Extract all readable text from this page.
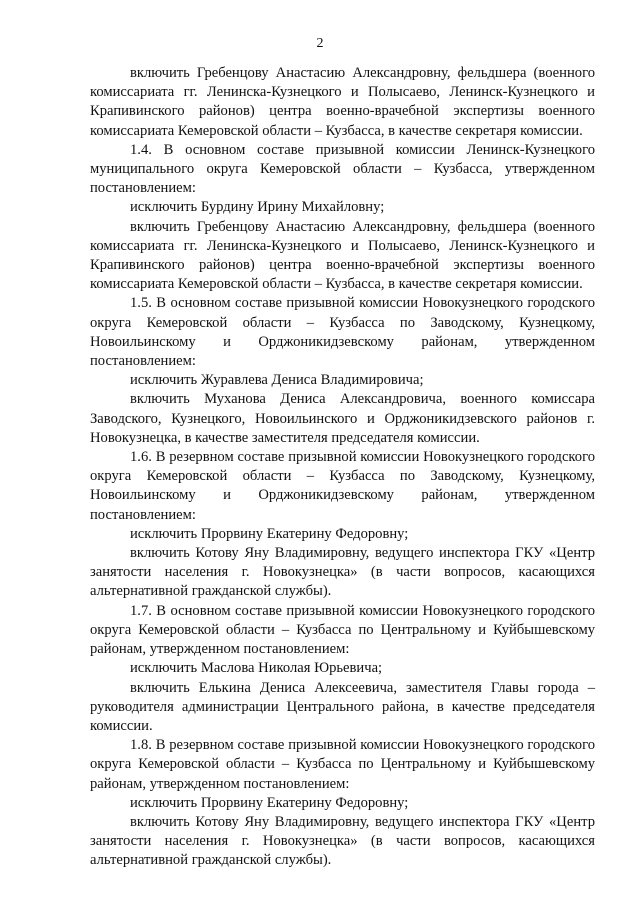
2

включить Гребенцову Анастасию Александровну, фельдшера (военного комиссариата гг. Ленинска-Кузнецкого и Полысаево, Ленинск-Кузнецкого и Крапивинского районов) центра военно-врачебной экспертизы военного комиссариата Кемеровской области – Кузбасса, в качестве секретаря комиссии.

1.4. В основном составе призывной комиссии Ленинск-Кузнецкого муниципального округа Кемеровской области – Кузбасса, утвержденном постановлением:

исключить Бурдину Ирину Михайловну;

включить Гребенцову Анастасию Александровну, фельдшера (военного комиссариата гг. Ленинска-Кузнецкого и Полысаево, Ленинск-Кузнецкого и Крапивинского районов) центра военно-врачебной экспертизы военного комиссариата Кемеровской области – Кузбасса, в качестве секретаря комиссии.

1.5. В основном составе призывной комиссии Новокузнецкого городского округа Кемеровской области – Кузбасса по Заводскому, Кузнецкому, Новоильинскому и Орджоникидзевскому районам, утвержденном постановлением:

исключить Журавлева Дениса Владимировича;

включить Муханова Дениса Александровича, военного комиссара Заводского, Кузнецкого, Новоильинского и Орджоникидзевского районов г. Новокузнецка, в качестве заместителя председателя комиссии.

1.6. В резервном составе призывной комиссии Новокузнецкого городского округа Кемеровской области – Кузбасса по Заводскому, Кузнецкому, Новоильинскому и Орджоникидзевскому районам, утвержденном постановлением:

исключить Прорвину Екатерину Федоровну;

включить Котову Яну Владимировну, ведущего инспектора ГКУ «Центр занятости населения г. Новокузнецка» (в части вопросов, касающихся альтернативной гражданской службы).

1.7. В основном составе призывной комиссии Новокузнецкого городского округа Кемеровской области – Кузбасса по Центральному и Куйбышевскому районам, утвержденном постановлением:

исключить Маслова Николая Юрьевича;

включить Елькина Дениса Алексеевича, заместителя Главы города – руководителя администрации Центрального района, в качестве председателя комиссии.

1.8. В резервном составе призывной комиссии Новокузнецкого городского округа Кемеровской области – Кузбасса по Центральному и Куйбышевскому районам, утвержденном постановлением:

исключить Прорвину Екатерину Федоровну;

включить Котову Яну Владимировну, ведущего инспектора ГКУ «Центр занятости населения г. Новокузнецка» (в части вопросов, касающихся альтернативной гражданской службы).
